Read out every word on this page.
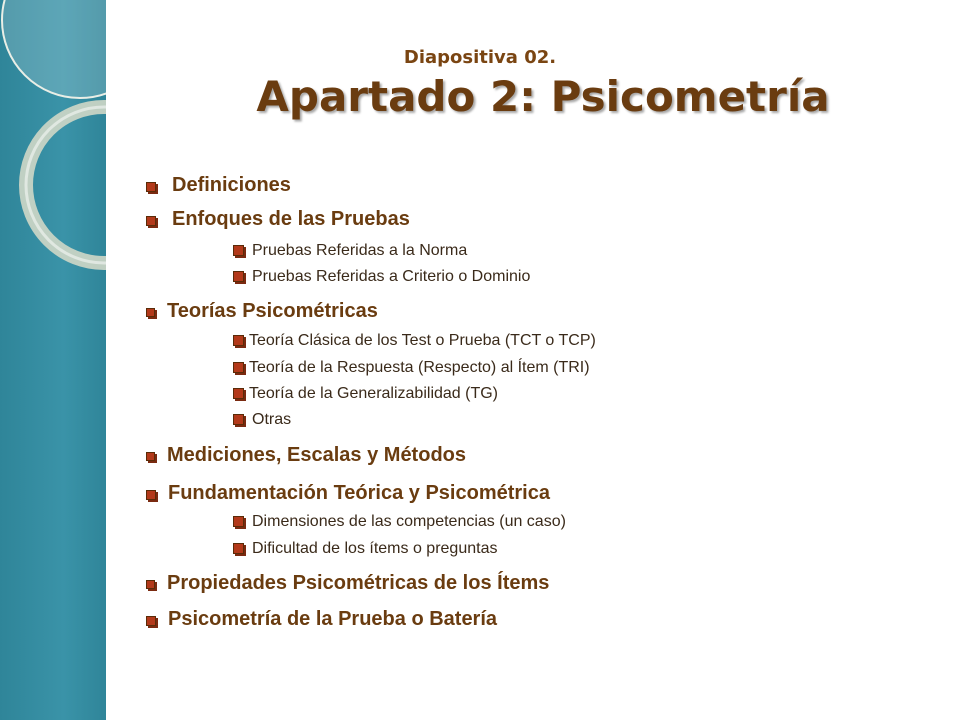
Diapositiva 02.
Apartado 2: Psicometría
Definiciones
Enfoques de las Pruebas
Pruebas Referidas a la Norma
Pruebas Referidas a Criterio o Dominio
Teorías Psicométricas
Teoría Clásica de los Test o Prueba (TCT o TCP)
Teoría de la Respuesta (Respecto) al Ítem (TRI)
Teoría de la Generalizabilidad (TG)
Otras
Mediciones, Escalas y Métodos
Fundamentación Teórica y Psicométrica
Dimensiones de las competencias (un caso)
Dificultad de los ítems o preguntas
Propiedades Psicométricas de los Ítems
Psicometría de la Prueba o Batería
